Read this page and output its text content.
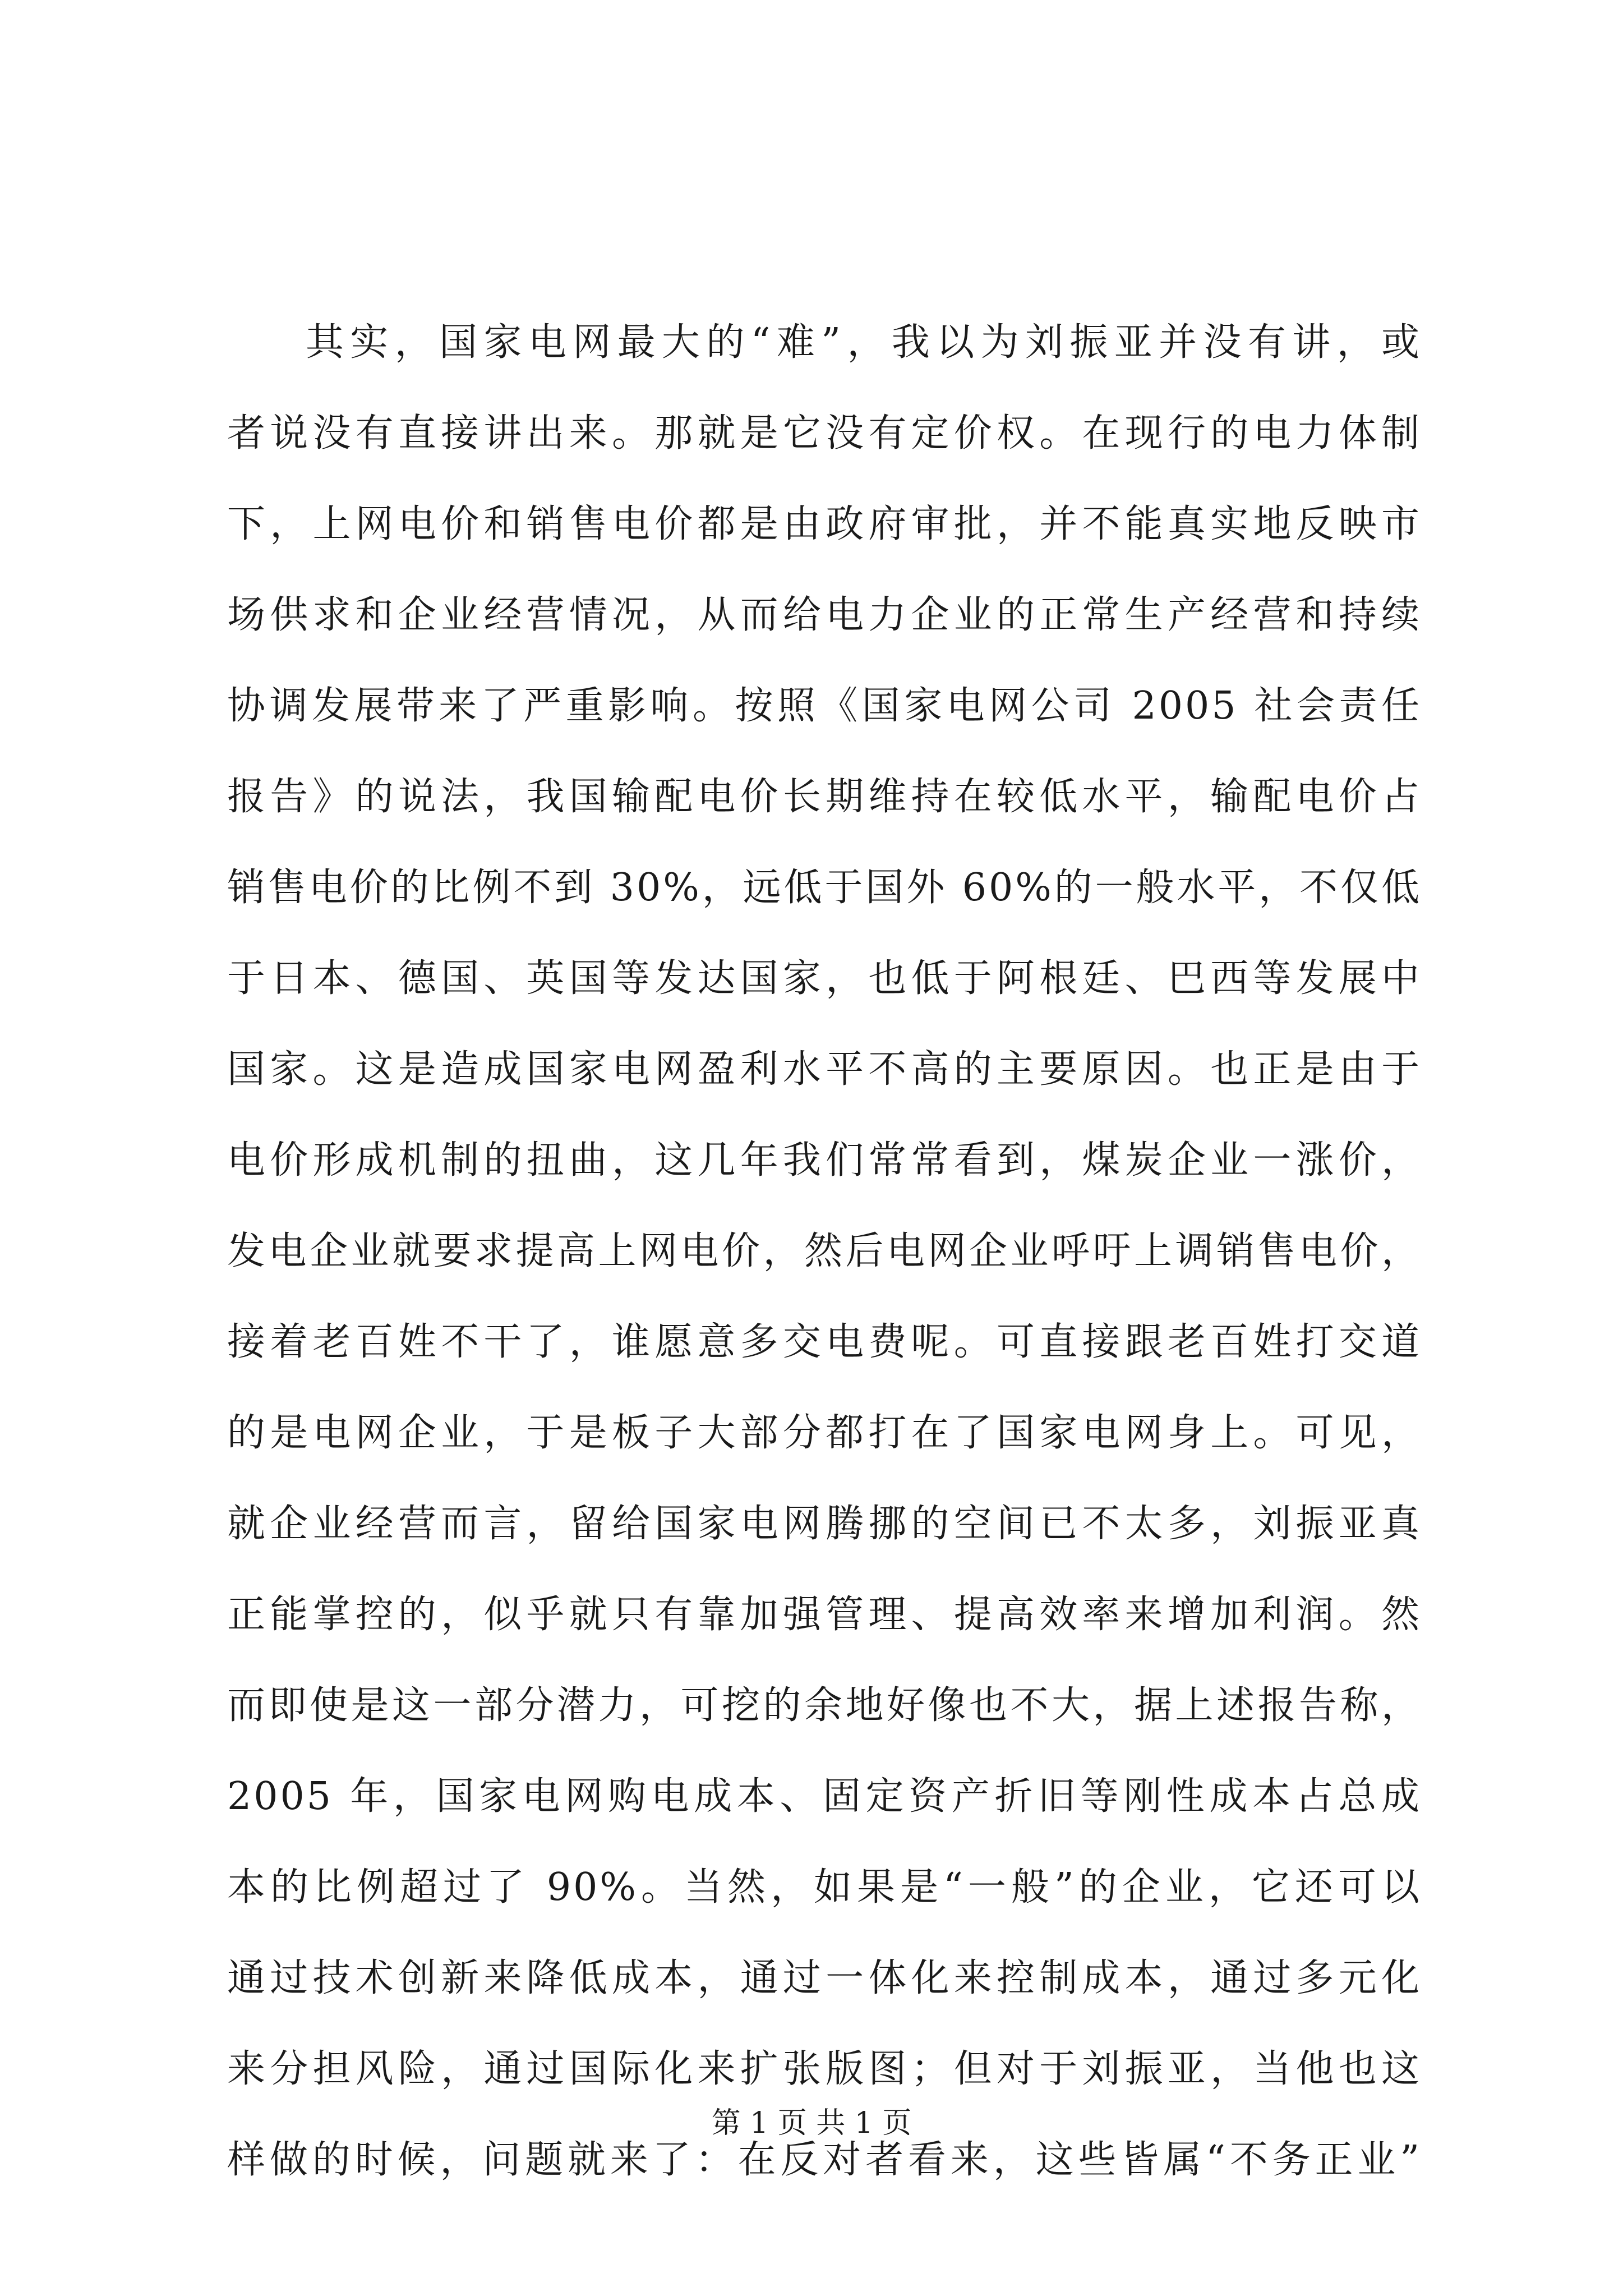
其实，国家电网最大的“难”，我以为刘振亚并没有讲，或
者说没有直接讲出来。那就是它没有定价权。在现行的电力体制
下，上网电价和销售电价都是由政府审批，并不能真实地反映市
场供求和企业经营情况，从而给电力企业的正常生产经营和持续
协调发展带来了严重影响。按照《国家电网公司 2005 社会责任
报告》的说法，我国输配电价长期维持在较低水平，输配电价占
销售电价的比例不到 30%，远低于国外 60%的一般水平，不仅低
于日本、德国、英国等发达国家，也低于阿根廷、巴西等发展中
国家。这是造成国家电网盈利水平不高的主要原因。也正是由于
电价形成机制的扭曲，这几年我们常常看到，煤炭企业一涨价，
发电企业就要求提高上网电价，然后电网企业呼吁上调销售电价，
接着老百姓不干了，谁愿意多交电费呢。可直接跟老百姓打交道
的是电网企业，于是板子大部分都打在了国家电网身上。可见，
就企业经营而言，留给国家电网腾挪的空间已不太多，刘振亚真
正能掌控的，似乎就只有靠加强管理、提高效率来增加利润。然
而即使是这一部分潜力，可挖的余地好像也不大，据上述报告称，
2005 年，国家电网购电成本、固定资产折旧等刚性成本占总成
本的比例超过了 90%。当然，如果是“一般”的企业，它还可以
通过技术创新来降低成本，通过一体化来控制成本，通过多元化
来分担风险，通过国际化来扩张版图；但对于刘振亚，当他也这
样做的时候，问题就来了：在反对者看来，这些皆属“不务正业”
第 1 页 共 1 页
